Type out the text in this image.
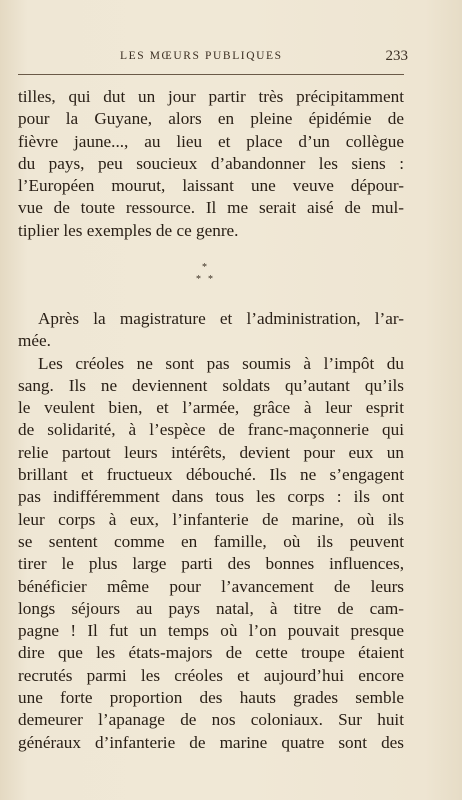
LES MŒURS PUBLIQUES	233
tilles, qui dut un jour partir très précipitamment
pour la Guyane, alors en pleine épidémie de
fièvre jaune..., au lieu et place d’un collègue
du pays, peu soucieux d’abandonner les siens :
l’Européen mourut, laissant une veuve dépour-
vue de toute ressource. Il me serait aisé de mul-
tiplier les exemples de ce genre.
*
* *
Après la magistrature et l’administration, l’ar-
mée.
Les créoles ne sont pas soumis à l’impôt du
sang. Ils ne deviennent soldats qu’autant qu’ils
le veulent bien, et l’armée, grâce à leur esprit
de solidarité, à l’espèce de franc-maçonnerie qui
relie partout leurs intérêts, devient pour eux un
brillant et fructueux débouché. Ils ne s’engagent
pas indifféremment dans tous les corps : ils ont
leur corps à eux, l’infanterie de marine, où ils
se sentent comme en famille, où ils peuvent
tirer le plus large parti des bonnes influences,
bénéficier même pour l’avancement de leurs
longs séjours au pays natal, à titre de cam-
pagne ! Il fut un temps où l’on pouvait presque
dire que les états-majors de cette troupe étaient
recrutés parmi les créoles et aujourd’hui encore
une forte proportion des hauts grades semble
demeurer l’apanage de nos coloniaux. Sur huit
généraux d’infanterie de marine quatre sont des
